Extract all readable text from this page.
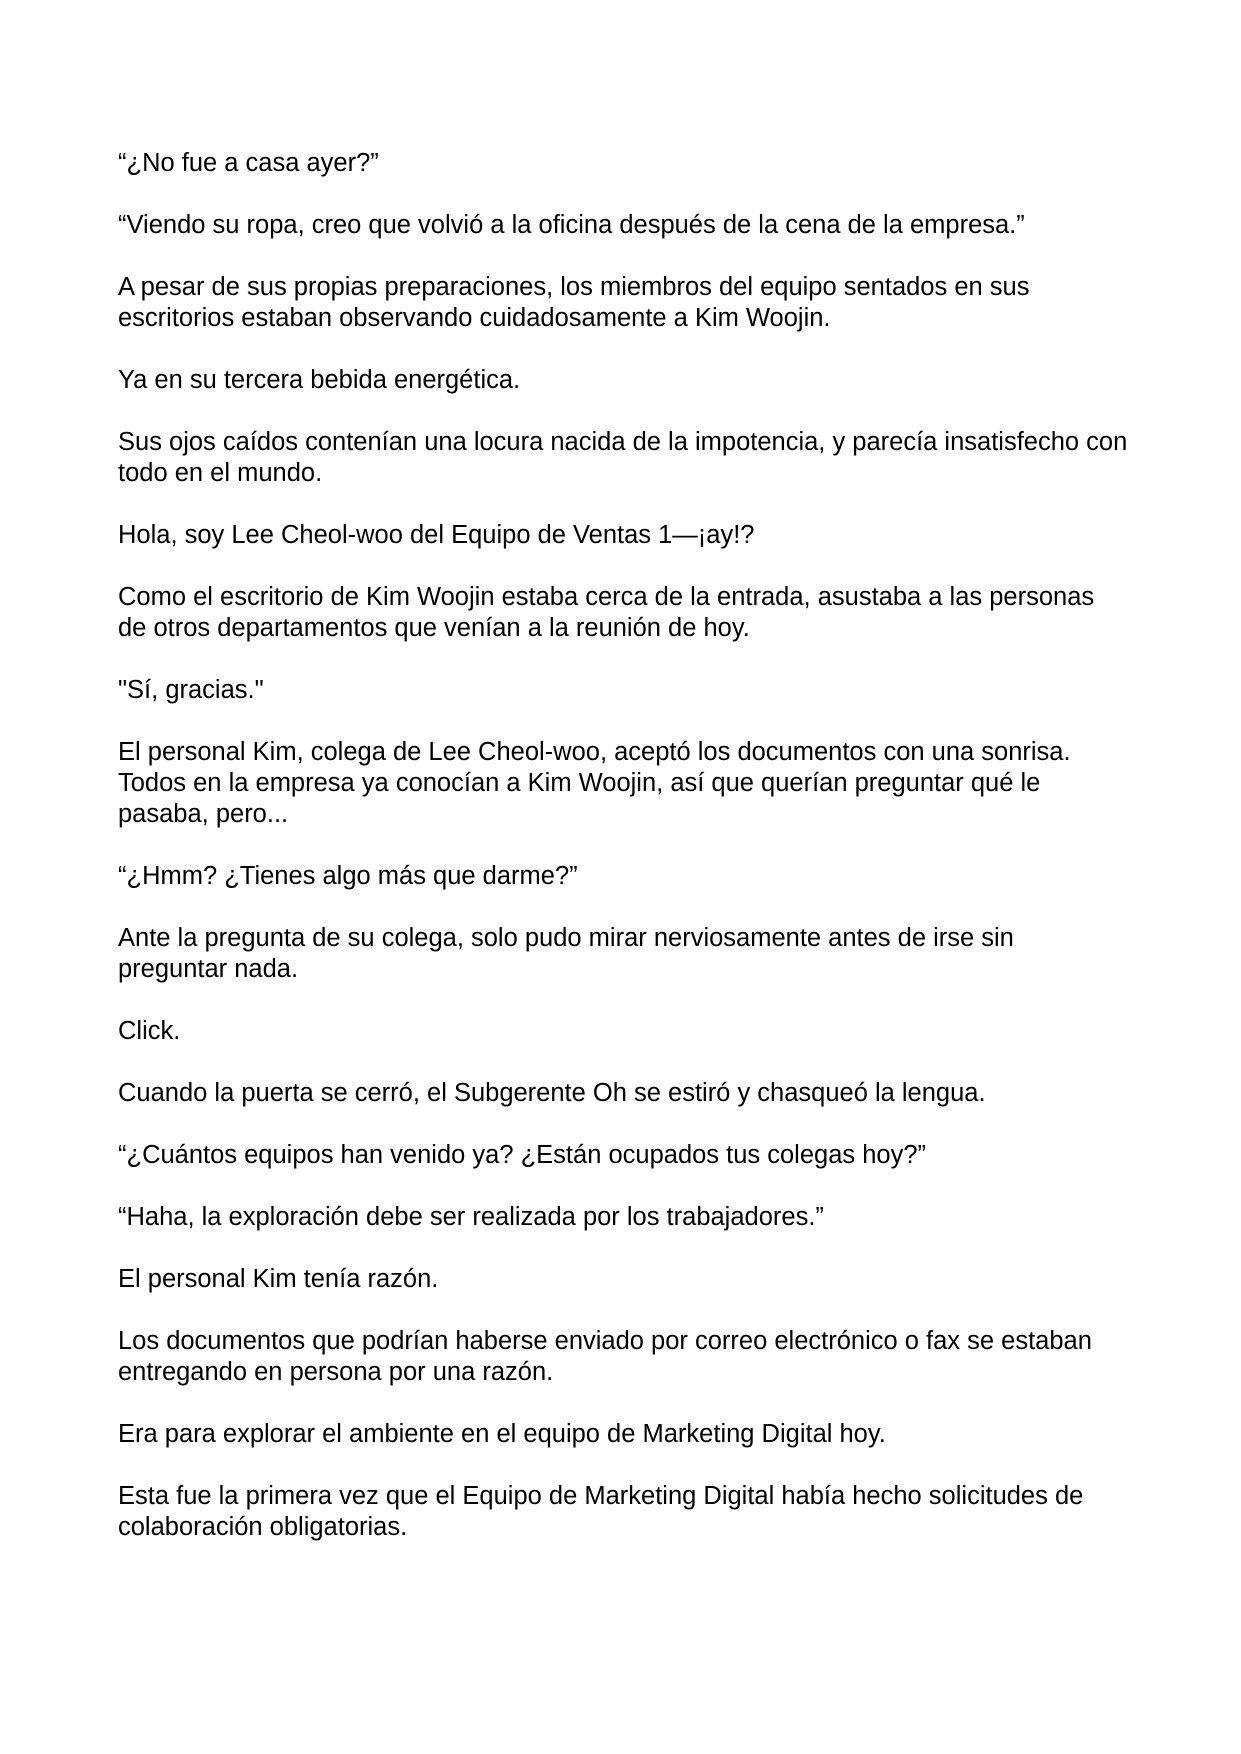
“¿No fue a casa ayer?”

“Viendo su ropa, creo que volvió a la oficina después de la cena de la empresa.”

A pesar de sus propias preparaciones, los miembros del equipo sentados en sus escritorios estaban observando cuidadosamente a Kim Woojin.

Ya en su tercera bebida energética.

Sus ojos caídos contenían una locura nacida de la impotencia, y parecía insatisfecho con todo en el mundo.

Hola, soy Lee Cheol-woo del Equipo de Ventas 1—¡ay!?

Como el escritorio de Kim Woojin estaba cerca de la entrada, asustaba a las personas de otros departamentos que venían a la reunión de hoy.

"Sí, gracias."

El personal Kim, colega de Lee Cheol-woo, aceptó los documentos con una sonrisa. Todos en la empresa ya conocían a Kim Woojin, así que querían preguntar qué le pasaba, pero...

“¿Hmm? ¿Tienes algo más que darme?”

Ante la pregunta de su colega, solo pudo mirar nerviosamente antes de irse sin preguntar nada.

Click.

Cuando la puerta se cerró, el Subgerente Oh se estiró y chasqueó la lengua.

“¿Cuántos equipos han venido ya? ¿Están ocupados tus colegas hoy?”

“Haha, la exploración debe ser realizada por los trabajadores.”

El personal Kim tenía razón.

Los documentos que podrían haberse enviado por correo electrónico o fax se estaban entregando en persona por una razón.

Era para explorar el ambiente en el equipo de Marketing Digital hoy.

Esta fue la primera vez que el Equipo de Marketing Digital había hecho solicitudes de colaboración obligatorias.
